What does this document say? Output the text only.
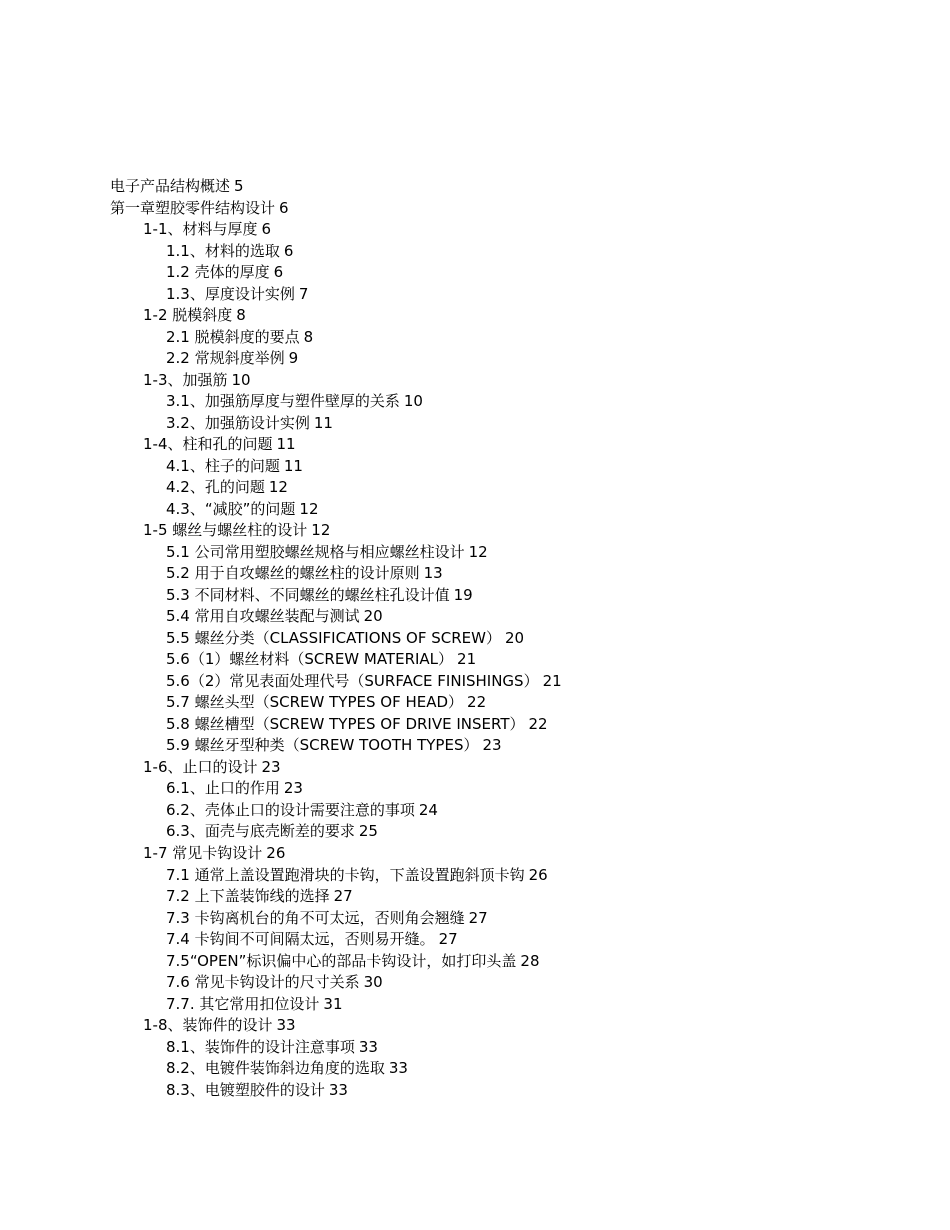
电子产品结构概述 5
第一章塑胶零件结构设计 6
1-1、材料与厚度 6
1.1、材料的选取 6
1.2 壳体的厚度 6
1.3、厚度设计实例 7
1-2 脱模斜度 8
2.1 脱模斜度的要点 8
2.2 常规斜度举例 9
1-3、加强筋 10
3.1、加强筋厚度与塑件壁厚的关系 10
3.2、加强筋设计实例 11
1-4、柱和孔的问题 11
4.1、柱子的问题 11
4.2、孔的问题 12
4.3、“减胶”的问题 12
1-5 螺丝与螺丝柱的设计 12
5.1 公司常用塑胶螺丝规格与相应螺丝柱设计 12
5.2 用于自攻螺丝的螺丝柱的设计原则 13
5.3 不同材料、不同螺丝的螺丝柱孔设计值 19
5.4 常用自攻螺丝装配与测试 20
5.5 螺丝分类（CLASSIFICATIONS OF SCREW） 20
5.6（1）螺丝材料（SCREW MATERIAL） 21
5.6（2）常见表面处理代号（SURFACE FINISHINGS） 21
5.7 螺丝头型（SCREW TYPES OF HEAD） 22
5.8 螺丝槽型（SCREW TYPES OF DRIVE INSERT） 22
5.9 螺丝牙型种类（SCREW TOOTH TYPES） 23
1-6、止口的设计 23
6.1、止口的作用 23
6.2、壳体止口的设计需要注意的事项 24
6.3、面壳与底壳断差的要求 25
1-7 常见卡钩设计 26
7.1 通常上盖设置跑滑块的卡钩，下盖设置跑斜顶卡钩 26
7.2 上下盖装饰线的选择 27
7.3 卡钩离机台的角不可太远，否则角会翘缝 27
7.4 卡钩间不可间隔太远，否则易开缝。 27
7.5“OPEN”标识偏中心的部品卡钩设计，如打印头盖 28
7.6 常见卡钩设计的尺寸关系 30
7.7. 其它常用扣位设计 31
1-8、装饰件的设计 33
8.1、装饰件的设计注意事项 33
8.2、电镀件装饰斜边角度的选取 33
8.3、电镀塑胶件的设计 33
